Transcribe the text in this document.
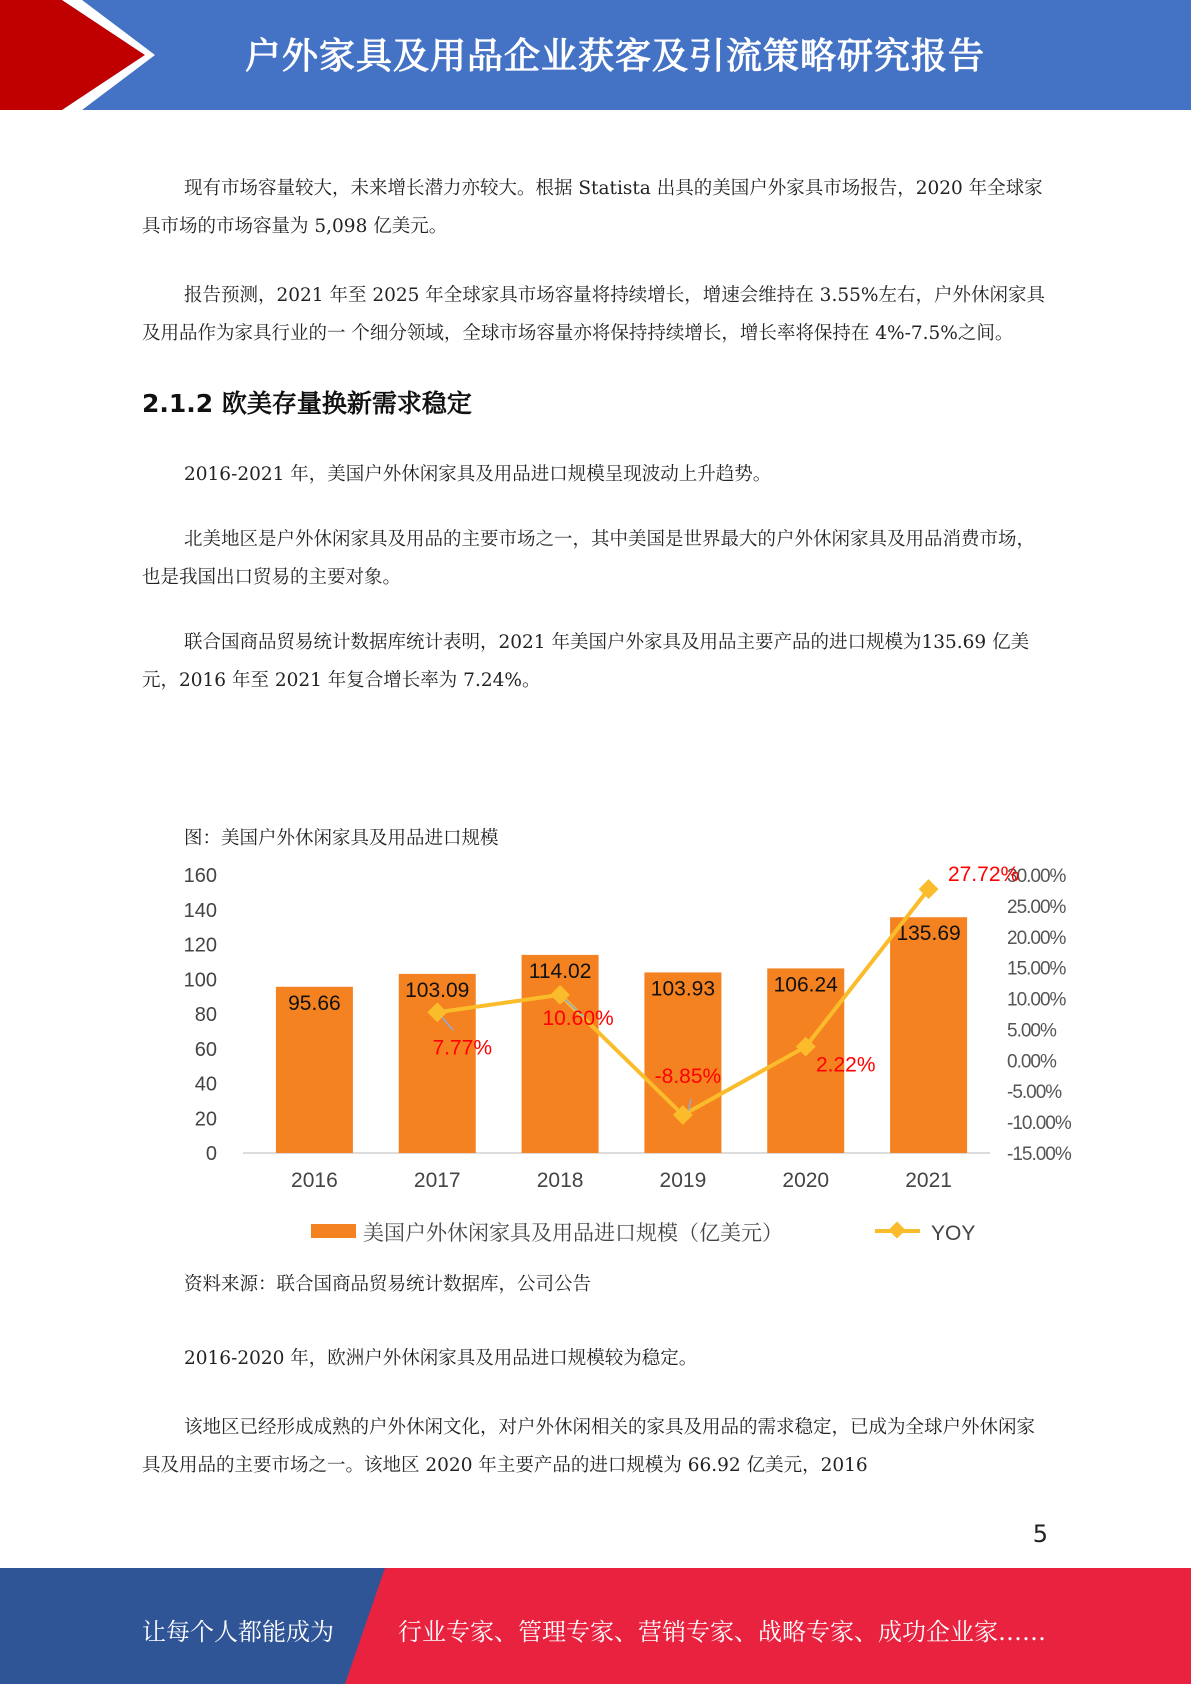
户外家具及用品企业获客及引流策略研究报告

现有市场容量较大，未来增长潜力亦较大。根据 Statista 出具的美国户外家具市场报告，2020 年全球家具市场的市场容量为 5,098 亿美元。

报告预测，2021 年至 2025 年全球家具市场容量将持续增长，增速会维持在 3.55%左右，户外休闲家具及用品作为家具行业的一 个细分领域，全球市场容量亦将保持持续增长，增长率将保持在 4%-7.5%之间。

2.1.2 欧美存量换新需求稳定

2016-2021 年，美国户外休闲家具及用品进口规模呈现波动上升趋势。

北美地区是户外休闲家具及用品的主要市场之一，其中美国是世界最大的户外休闲家具及用品消费市场，也是我国出口贸易的主要对象。

联合国商品贸易统计数据库统计表明，2021 年美国户外家具及用品主要产品的进口规模为135.69 亿美元，2016 年至 2021 年复合增长率为 7.24%。

图：美国户外休闲家具及用品进口规模
0
20
40
60
80
100
120
140
160
-15.00%
-10.00%
-5.00%
0.00%
5.00%
10.00%
15.00%
20.00%
25.00%
30.00%
2016	2017	2018	2019	2020	2021
95.66
103.09
114.02
103.93	106.24
135.69
7.77%
10.60%
-8.85%	2.22%
27.72%
美国户外休闲家具及用品进口规模（亿美元）	YOY
资料来源：联合国商品贸易统计数据库，公司公告

2016-2020 年，欧洲户外休闲家具及用品进口规模较为稳定。

该地区已经形成成熟的户外休闲文化，对户外休闲相关的家具及用品的需求稳定，已成为全球户外休闲家具及用品的主要市场之一。该地区 2020 年主要产品的进口规模为 66.92 亿美元，2016

5
让每个人都能成为	行业专家、管理专家、营销专家、战略专家、成功企业家……
